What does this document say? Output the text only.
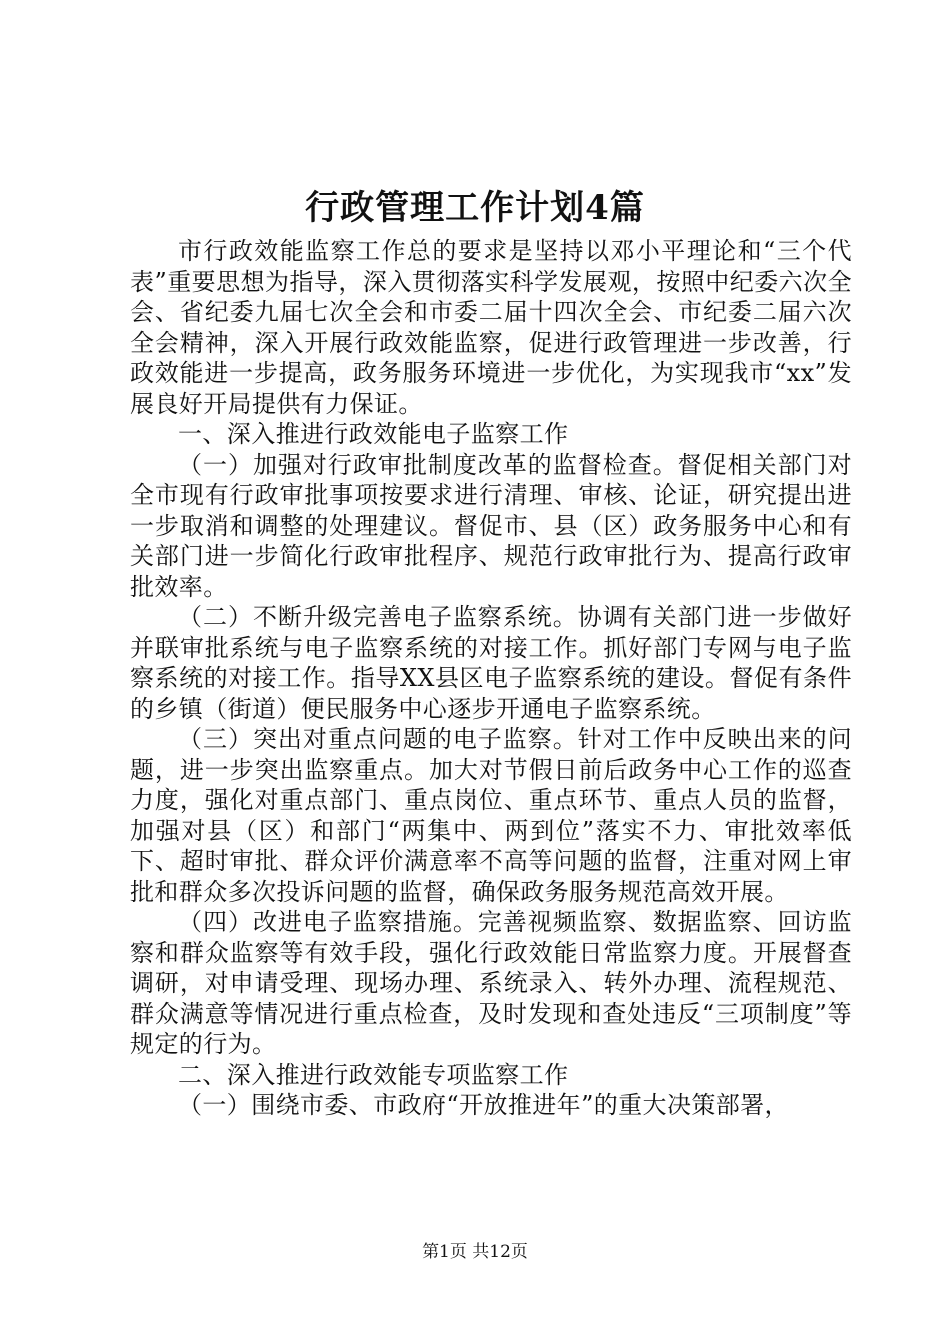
行政管理工作计划4篇

市行政效能监察工作总的要求是坚持以邓小平理论和“三个代表”重要思想为指导，深入贯彻落实科学发展观，按照中纪委六次全会、省纪委九届七次全会和市委二届十四次全会、市纪委二届六次全会精神，深入开展行政效能监察，促进行政管理进一步改善，行政效能进一步提高，政务服务环境进一步优化，为实现我市“xx”发展良好开局提供有力保证。

一、深入推进行政效能电子监察工作

（一）加强对行政审批制度改革的监督检查。督促相关部门对全市现有行政审批事项按要求进行清理、审核、论证，研究提出进一步取消和调整的处理建议。督促市、县（区）政务服务中心和有关部门进一步简化行政审批程序、规范行政审批行为、提高行政审批效率。

（二）不断升级完善电子监察系统。协调有关部门进一步做好并联审批系统与电子监察系统的对接工作。抓好部门专网与电子监察系统的对接工作。指导XX县区电子监察系统的建设。督促有条件的乡镇（街道）便民服务中心逐步开通电子监察系统。

（三）突出对重点问题的电子监察。针对工作中反映出来的问题，进一步突出监察重点。加大对节假日前后政务中心工作的巡查力度，强化对重点部门、重点岗位、重点环节、重点人员的监督，加强对县（区）和部门“两集中、两到位”落实不力、审批效率低下、超时审批、群众评价满意率不高等问题的监督，注重对网上审批和群众多次投诉问题的监督，确保政务服务规范高效开展。

（四）改进电子监察措施。完善视频监察、数据监察、回访监察和群众监察等有效手段，强化行政效能日常监察力度。开展督查调研，对申请受理、现场办理、系统录入、转外办理、流程规范、群众满意等情况进行重点检查，及时发现和查处违反“三项制度”等规定的行为。

二、深入推进行政效能专项监察工作

（一）围绕市委、市政府“开放推进年”的重大决策部署，

第1页 共12页
